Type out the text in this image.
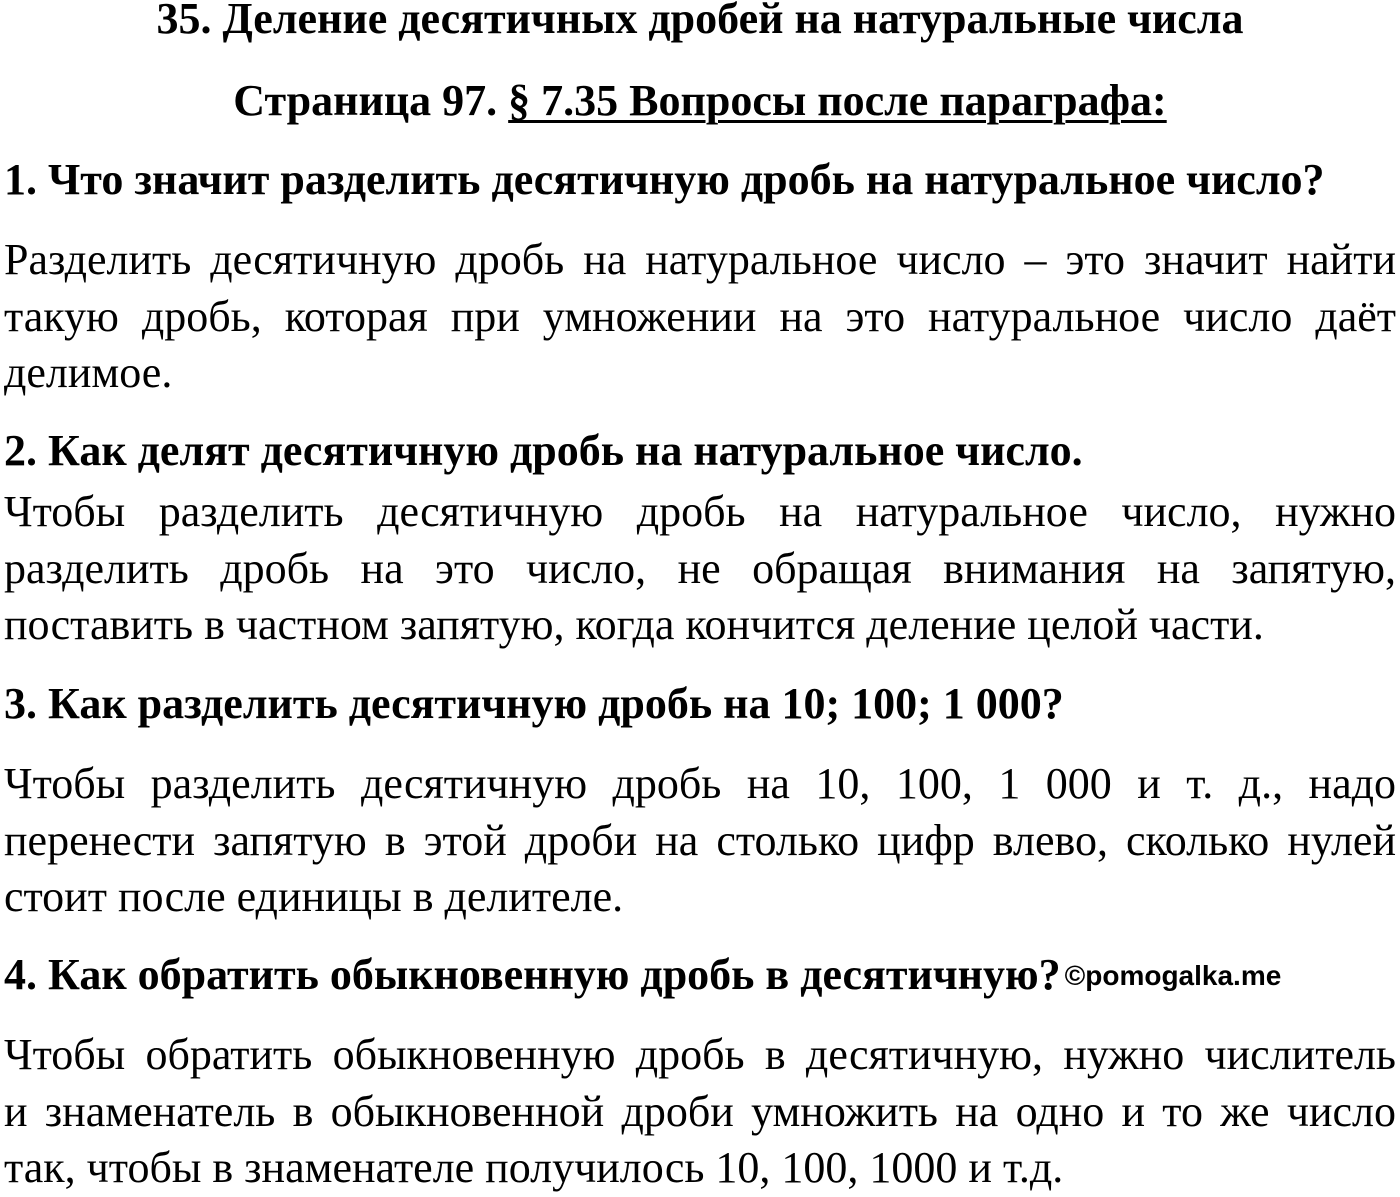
35. Деление десятичных дробей на натуральные числа
Страница 97. § 7.35 Вопросы после параграфа:
1. Что значит разделить десятичную дробь на натуральное число?
Разделить десятичную дробь на натуральное число – это значит найти
такую дробь, которая при умножении на это натуральное число даёт
делимое.
2. Как делят десятичную дробь на натуральное число.
Чтобы разделить десятичную дробь на натуральное число, нужно
разделить дробь на это число, не обращая внимания на запятую,
поставить в частном запятую, когда кончится деление целой части.
3. Как разделить десятичную дробь на 10; 100; 1 000?
Чтобы разделить десятичную дробь на 10, 100, 1 000 и т. д., надо
перенести запятую в этой дроби на столько цифр влево, сколько нулей
стоит после единицы в делителе.
4. Как обратить обыкновенную дробь в десятичную? ©pomogalka.me
Чтобы обратить обыкновенную дробь в десятичную, нужно числитель
и знаменатель в обыкновенной дроби умножить на одно и то же число
так, чтобы в знаменателе получилось 10, 100, 1000 и т.д.
